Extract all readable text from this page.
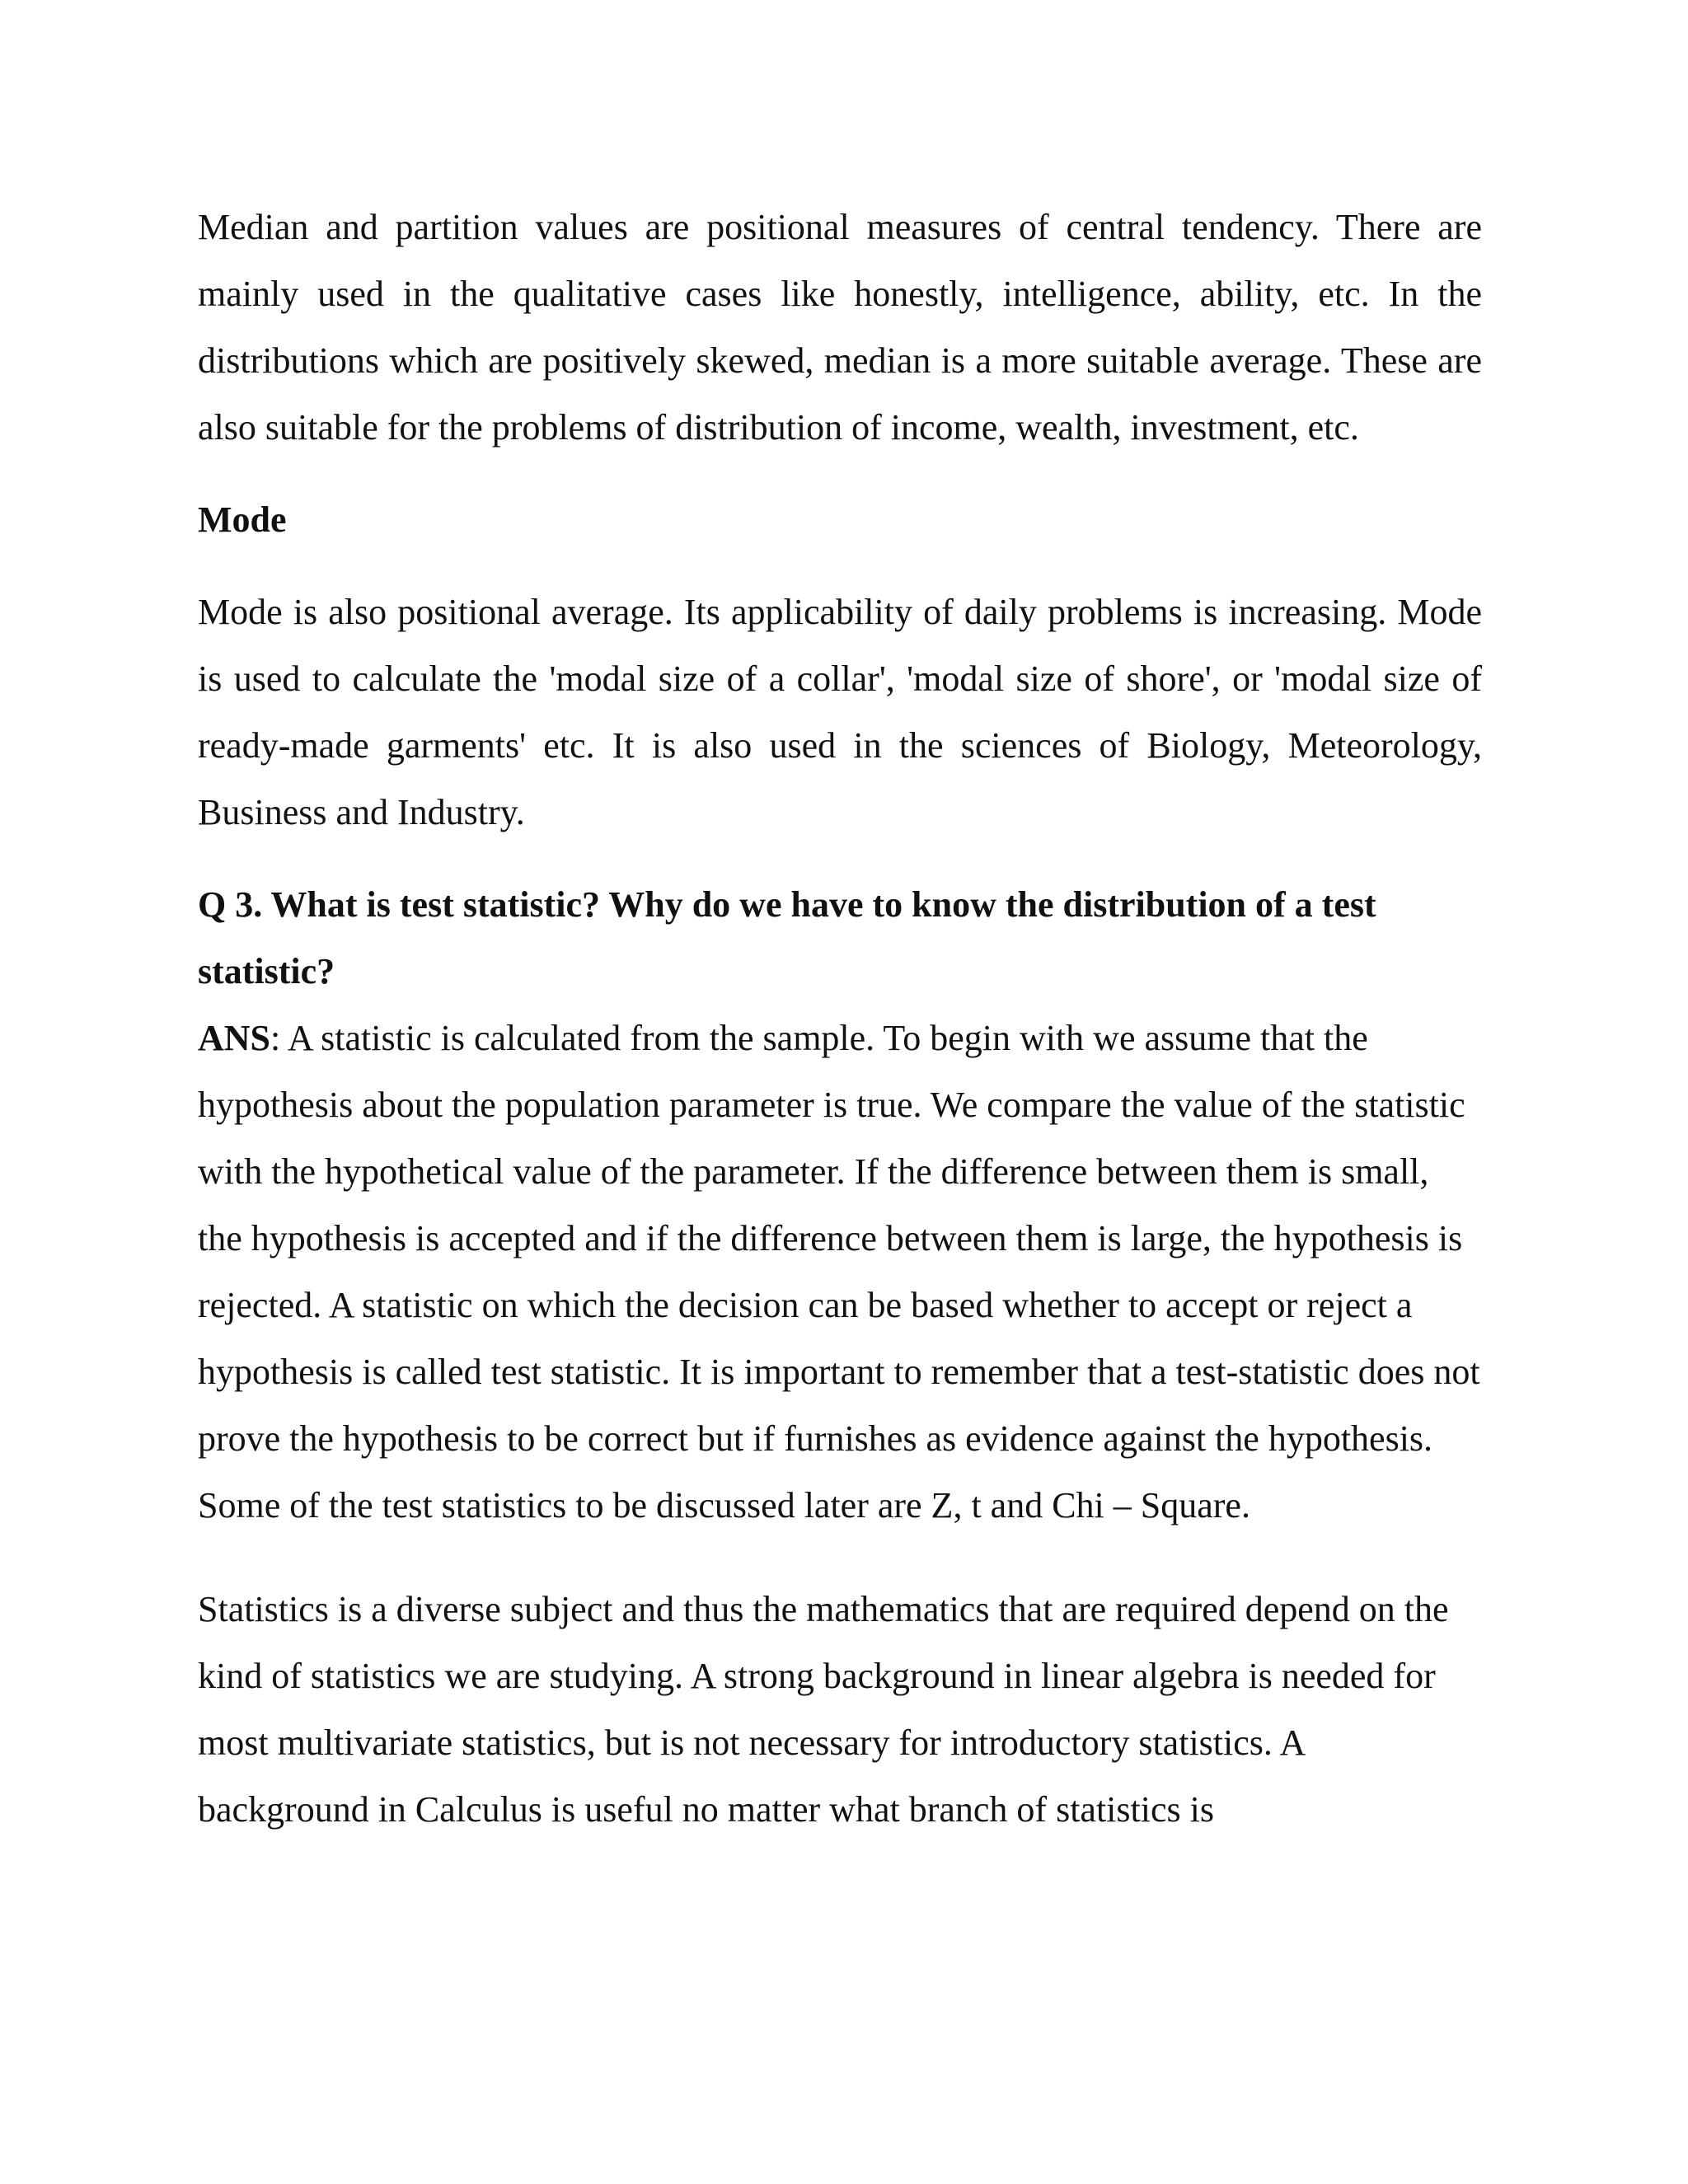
Median and partition values are positional measures of central tendency. There are mainly used in the qualitative cases like honestly, intelligence, ability, etc. In the distributions which are positively skewed, median is a more suitable average. These are also suitable for the problems of distribution of income, wealth, investment, etc.

Mode

Mode is also positional average. Its applicability of daily problems is increasing. Mode is used to calculate the 'modal size of a collar', 'modal size of shore', or 'modal size of ready-made garments' etc. It is also used in the sciences of Biology, Meteorology, Business and Industry.

Q 3. What is test statistic? Why do we have to know the distribution of a test statistic?

ANS: A statistic is calculated from the sample. To begin with we assume that the hypothesis about the population parameter is true. We compare the value of the statistic with the hypothetical value of the parameter. If the difference between them is small, the hypothesis is accepted and if the difference between them is large, the hypothesis is rejected. A statistic on which the decision can be based whether to accept or reject a hypothesis is called test statistic. It is important to remember that a test-statistic does not prove the hypothesis to be correct but if furnishes as evidence against the hypothesis. Some of the test statistics to be discussed later are Z, t and Chi – Square.

Statistics is a diverse subject and thus the mathematics that are required depend on the kind of statistics we are studying. A strong background in linear algebra is needed for most multivariate statistics, but is not necessary for introductory statistics. A background in Calculus is useful no matter what branch of statistics is
